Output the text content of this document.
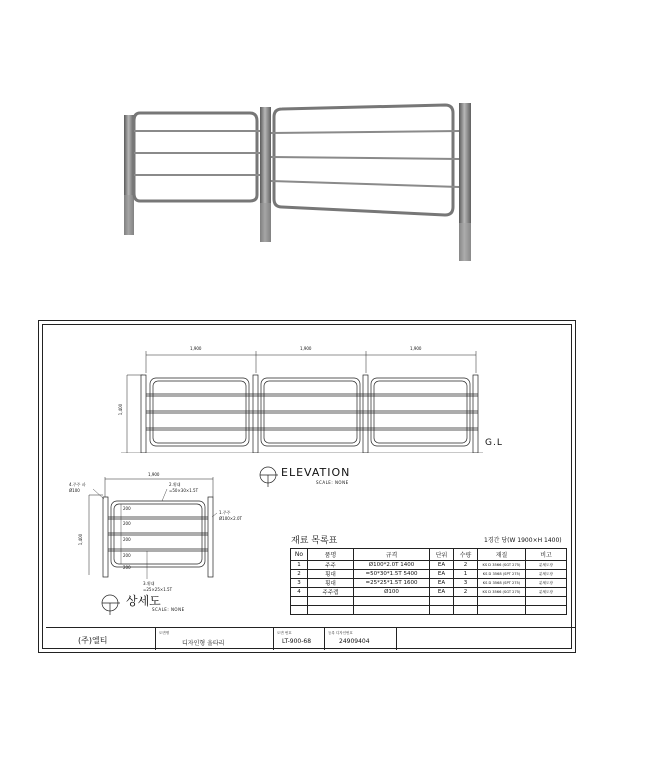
1,900	1,900	1,900
1,400
G.L
ELEVATION
SCALE: NONE
1,900
1,400
4.주주 파
Ø100
2.횡대
=50×30×1.5T
1.주주
Ø100×2.0T
3.횡대
=25×25×1.5T
200
200
200
200
200
상세도
SCALE: NONE
재료 목록표	1경간 당(W 1900×H 1400)
No	품명	규격	단위	수량	재질	비고
1	주주	Ø100*2.0T 1400	EA	2	KS D 3566 (SGT 275)	분체도장
2	횡대	=50*30*1.5T 5400	EA	1	KS D 3568 (SPT 275)	분체도장
3	횡대	=25*25*1.5T 1600	EA	3	KS D 3568 (SPT 275)	분체도장
4	주주캡	Ø100	EA	2	KS D 3566 (SGT 275)	분체도장

(주)엘티
도면명
디자인형 울타리
도면 번호
LT-900-68
등록 디자인번호
24909404
